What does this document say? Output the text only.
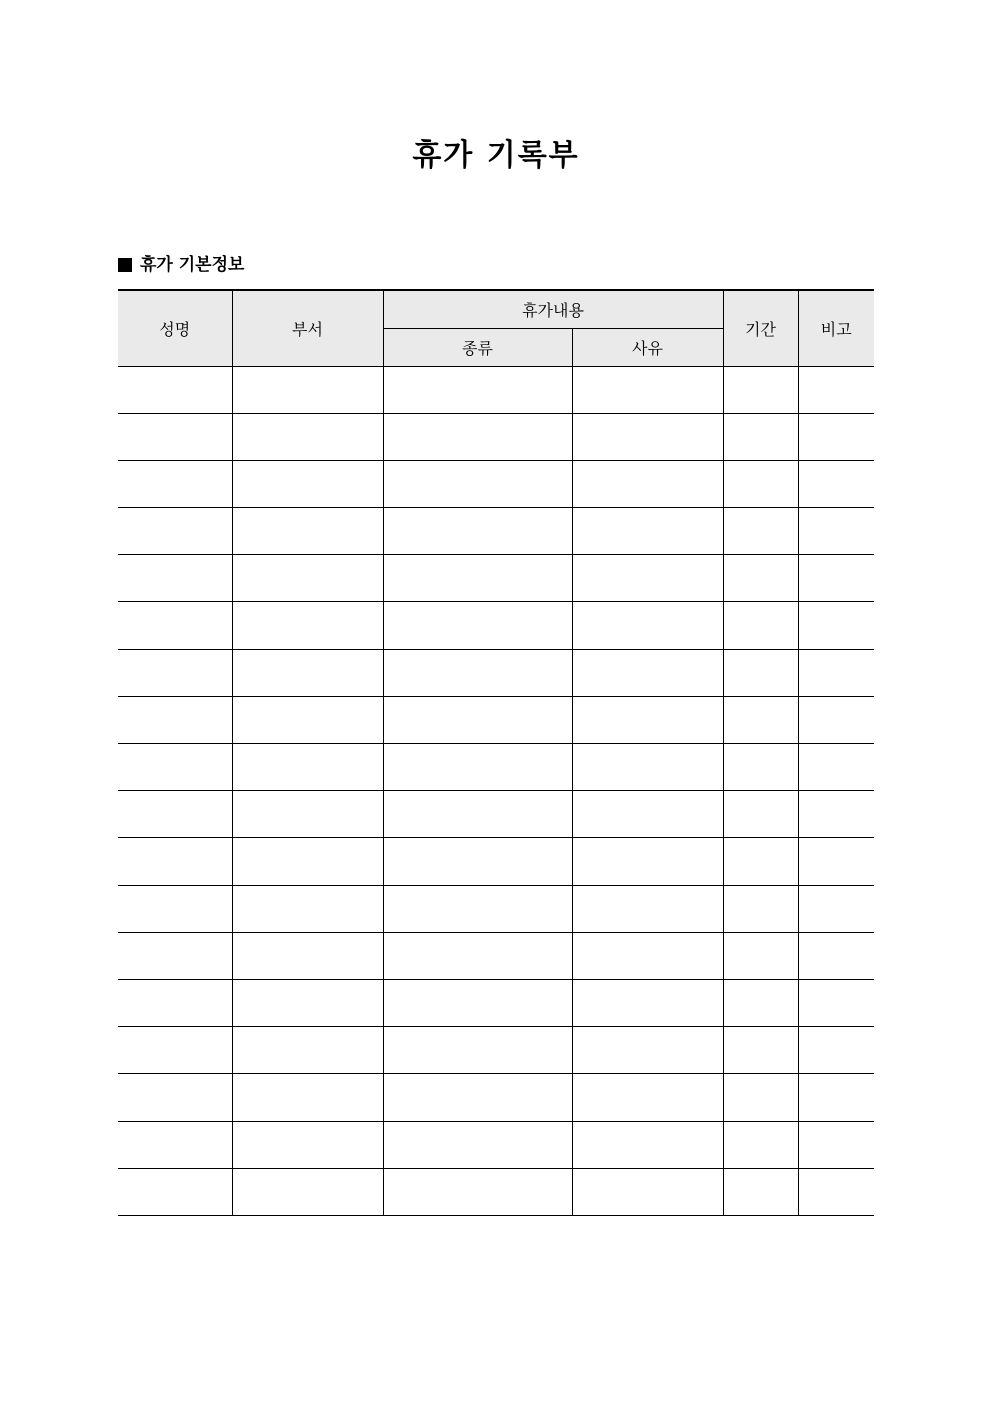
휴가 기록부
휴가 기본정보
성명	부서	휴가내용		기간	비고
		종류	사유		
